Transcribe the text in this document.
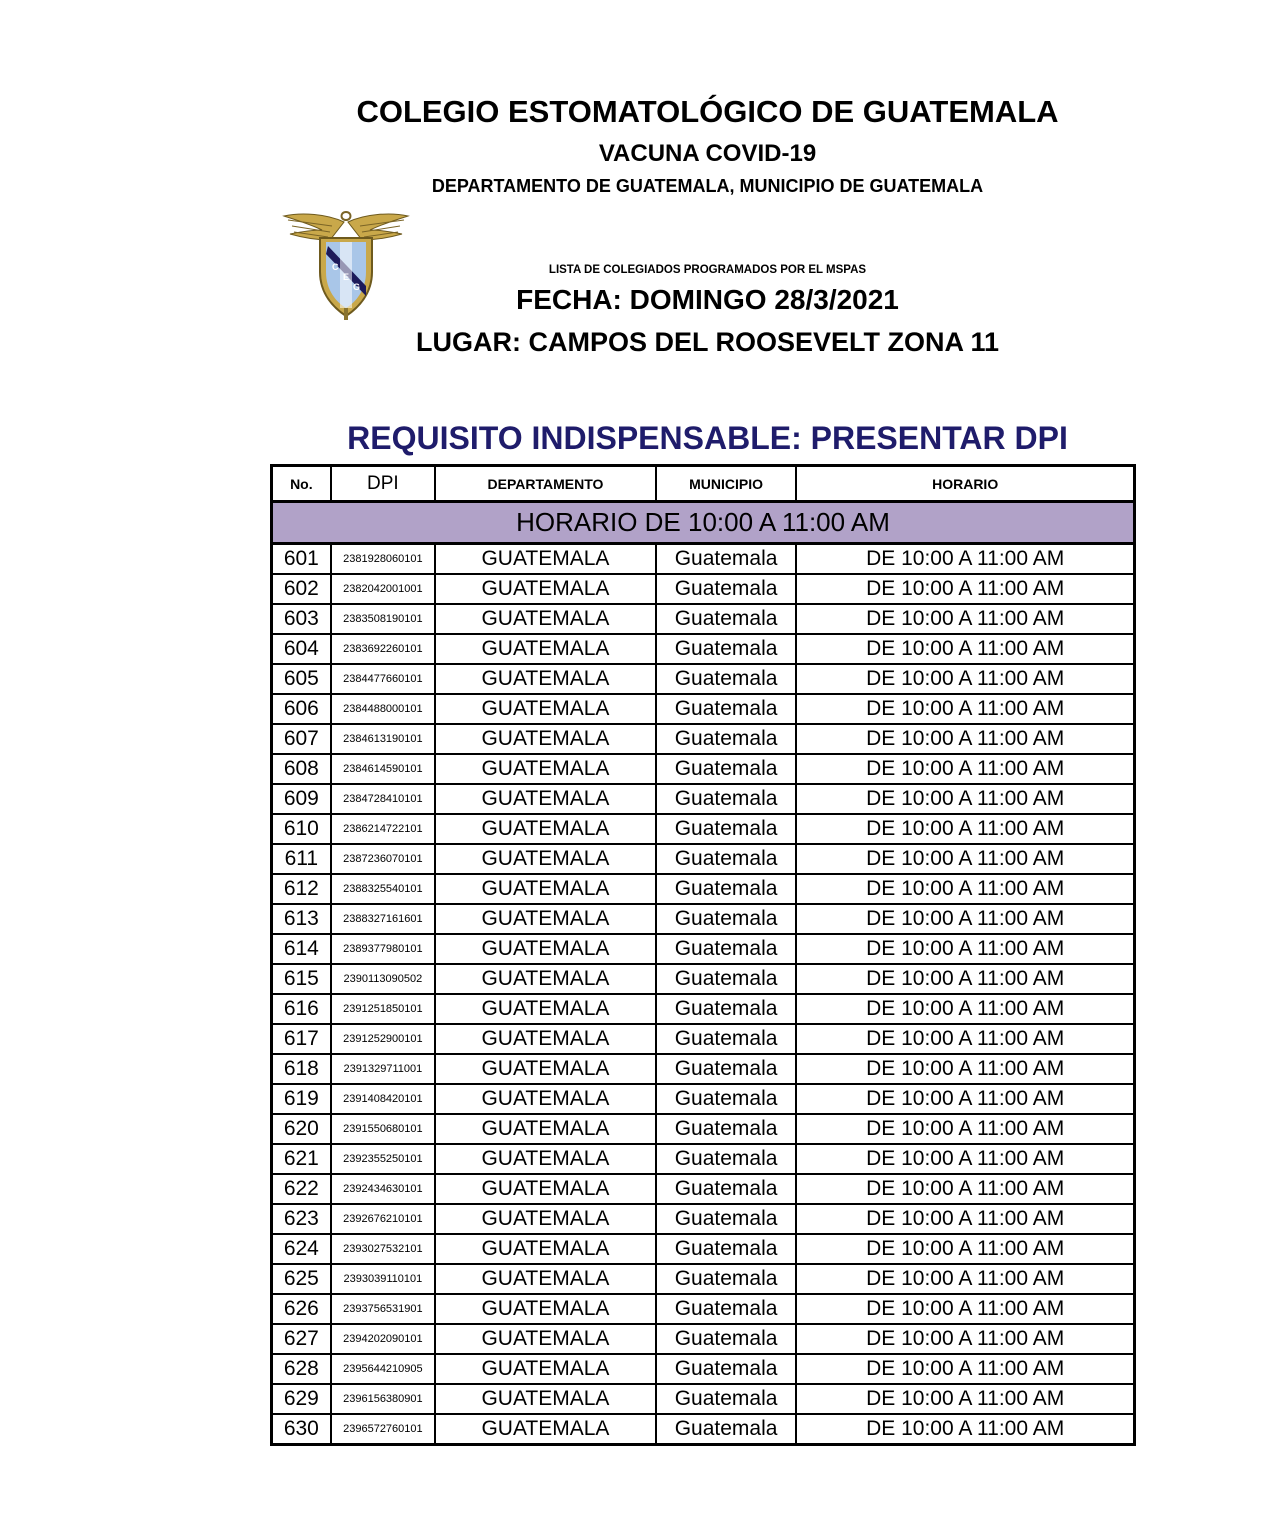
COLEGIO ESTOMATOLÓGICO DE GUATEMALA
VACUNA COVID-19
DEPARTAMENTO DE GUATEMALA, MUNICIPIO DE GUATEMALA
C
E
G
LISTA DE COLEGIADOS PROGRAMADOS POR EL MSPAS
FECHA: DOMINGO 28/3/2021
LUGAR: CAMPOS DEL ROOSEVELT ZONA 11
REQUISITO INDISPENSABLE: PRESENTAR DPI
No.	DPI	DEPARTAMENTO	MUNICIPIO	HORARIO
HORARIO DE 10:00 A 11:00 AM				
601	2381928060101	GUATEMALA	Guatemala	DE 10:00 A 11:00 AM
602	2382042001001	GUATEMALA	Guatemala	DE 10:00 A 11:00 AM
603	2383508190101	GUATEMALA	Guatemala	DE 10:00 A 11:00 AM
604	2383692260101	GUATEMALA	Guatemala	DE 10:00 A 11:00 AM
605	2384477660101	GUATEMALA	Guatemala	DE 10:00 A 11:00 AM
606	2384488000101	GUATEMALA	Guatemala	DE 10:00 A 11:00 AM
607	2384613190101	GUATEMALA	Guatemala	DE 10:00 A 11:00 AM
608	2384614590101	GUATEMALA	Guatemala	DE 10:00 A 11:00 AM
609	2384728410101	GUATEMALA	Guatemala	DE 10:00 A 11:00 AM
610	2386214722101	GUATEMALA	Guatemala	DE 10:00 A 11:00 AM
611	2387236070101	GUATEMALA	Guatemala	DE 10:00 A 11:00 AM
612	2388325540101	GUATEMALA	Guatemala	DE 10:00 A 11:00 AM
613	2388327161601	GUATEMALA	Guatemala	DE 10:00 A 11:00 AM
614	2389377980101	GUATEMALA	Guatemala	DE 10:00 A 11:00 AM
615	2390113090502	GUATEMALA	Guatemala	DE 10:00 A 11:00 AM
616	2391251850101	GUATEMALA	Guatemala	DE 10:00 A 11:00 AM
617	2391252900101	GUATEMALA	Guatemala	DE 10:00 A 11:00 AM
618	2391329711001	GUATEMALA	Guatemala	DE 10:00 A 11:00 AM
619	2391408420101	GUATEMALA	Guatemala	DE 10:00 A 11:00 AM
620	2391550680101	GUATEMALA	Guatemala	DE 10:00 A 11:00 AM
621	2392355250101	GUATEMALA	Guatemala	DE 10:00 A 11:00 AM
622	2392434630101	GUATEMALA	Guatemala	DE 10:00 A 11:00 AM
623	2392676210101	GUATEMALA	Guatemala	DE 10:00 A 11:00 AM
624	2393027532101	GUATEMALA	Guatemala	DE 10:00 A 11:00 AM
625	2393039110101	GUATEMALA	Guatemala	DE 10:00 A 11:00 AM
626	2393756531901	GUATEMALA	Guatemala	DE 10:00 A 11:00 AM
627	2394202090101	GUATEMALA	Guatemala	DE 10:00 A 11:00 AM
628	2395644210905	GUATEMALA	Guatemala	DE 10:00 A 11:00 AM
629	2396156380901	GUATEMALA	Guatemala	DE 10:00 A 11:00 AM
630	2396572760101	GUATEMALA	Guatemala	DE 10:00 A 11:00 AM
